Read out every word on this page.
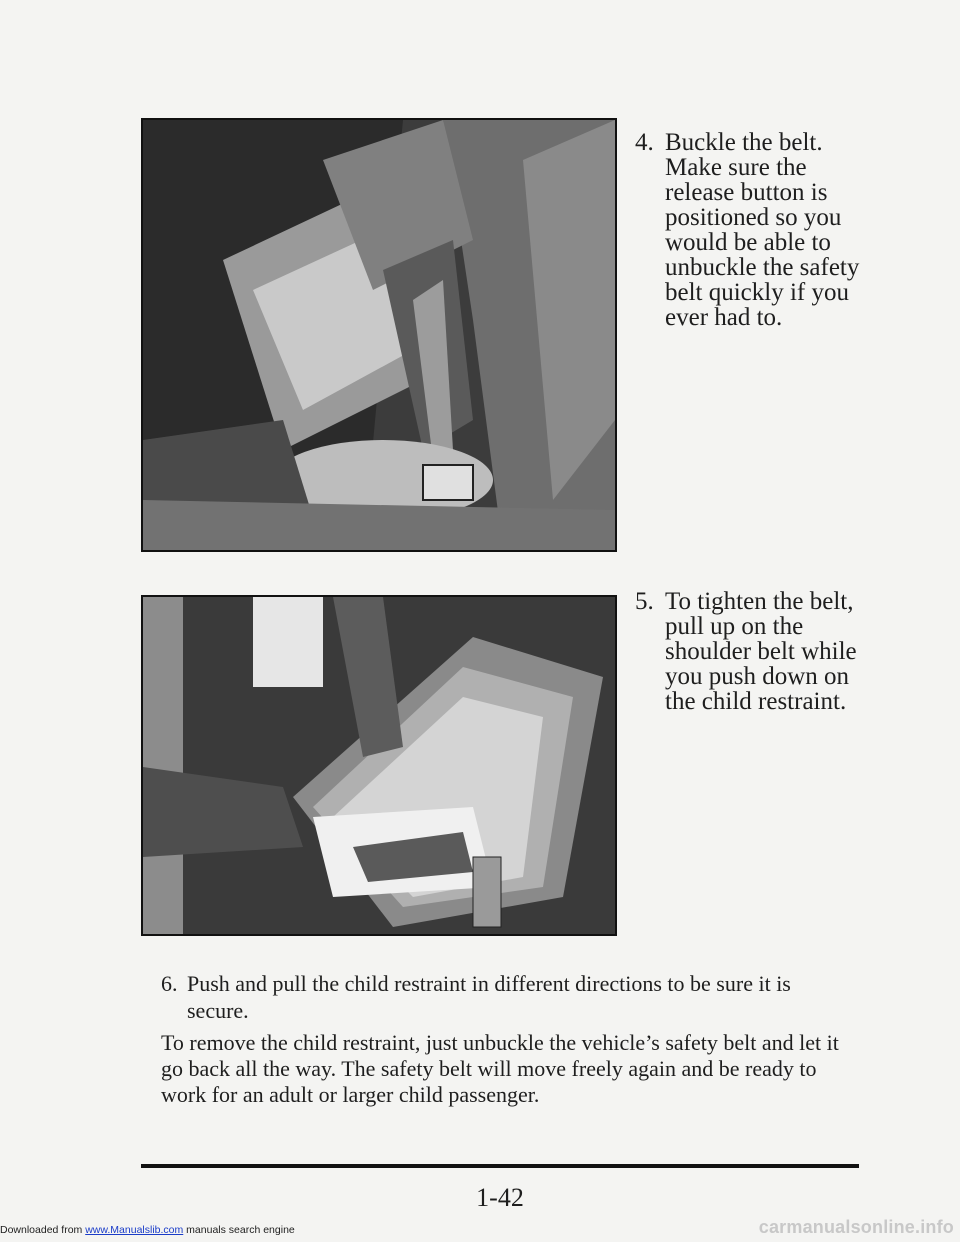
4. Buckle the belt. Make sure the release button is positioned so you would be able to unbuckle the safety belt quickly if you ever had to.
5. To tighten the belt, pull up on the shoulder belt while you push down on the child restraint.
6. Push and pull the child restraint in different directions to be sure it is secure.
To remove the child restraint, just unbuckle the vehicle’s safety belt and let it go back all the way. The safety belt will move freely again and be ready to work for an adult or larger child passenger.
1-42
Downloaded from www.Manualslib.com manuals search engine	carmanualsonline.info
